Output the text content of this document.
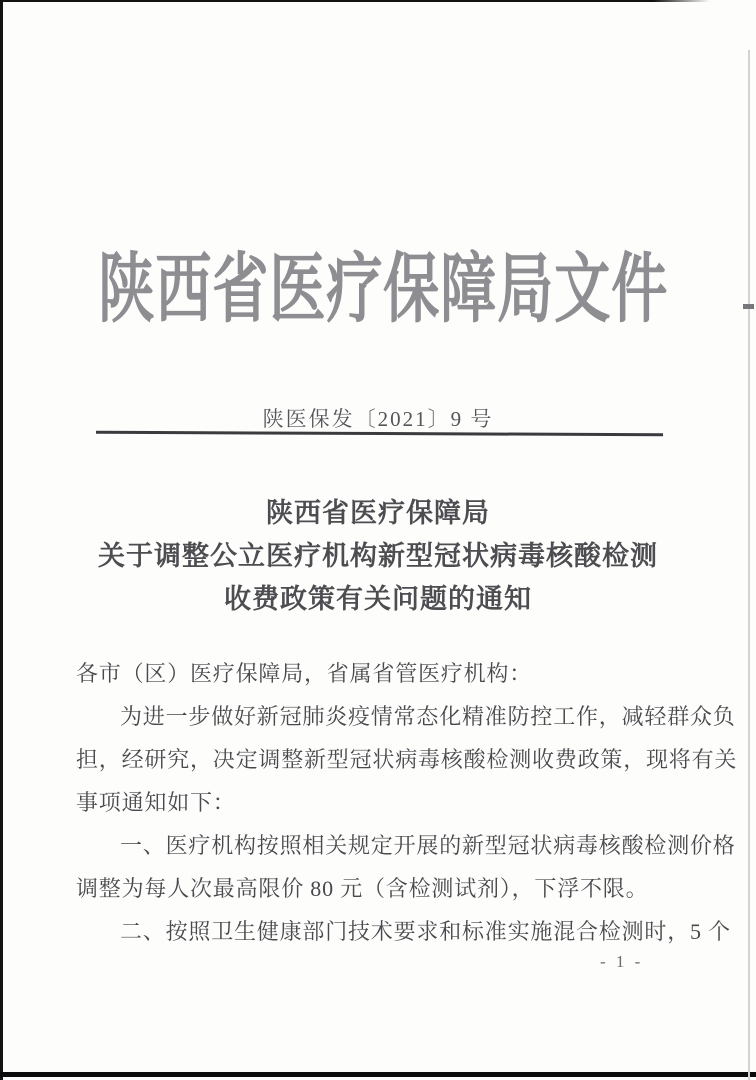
陕西省医疗保障局文件
陕医保发〔2021〕9 号
陕西省医疗保障局
关于调整公立医疗机构新型冠状病毒核酸检测
收费政策有关问题的通知
各市（区）医疗保障局，省属省管医疗机构：
为进一步做好新冠肺炎疫情常态化精准防控工作，减轻群众负
担，经研究，决定调整新型冠状病毒核酸检测收费政策，现将有关
事项通知如下：
一、医疗机构按照相关规定开展的新型冠状病毒核酸检测价格
调整为每人次最高限价 80 元（含检测试剂），下浮不限。
二、按照卫生健康部门技术要求和标准实施混合检测时，5 个
- 1 -
